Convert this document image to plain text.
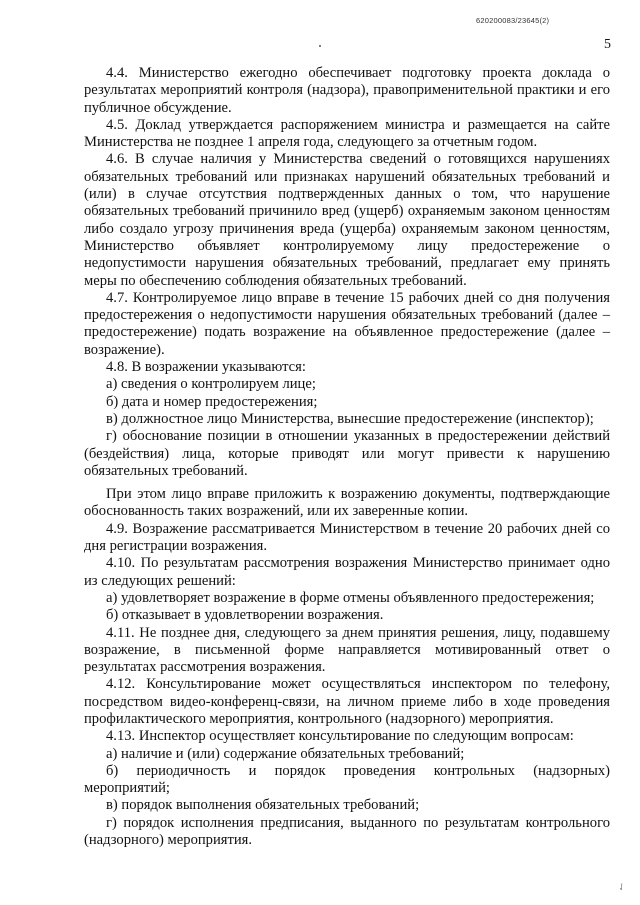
620200083/23645(2)
5

4.4. Министерство ежегодно обеспечивает подготовку проекта доклада о результатах мероприятий контроля (надзора), правоприменительной практики и его публичное обсуждение.

4.5. Доклад утверждается распоряжением министра и размещается на сайте Министерства не позднее 1 апреля года, следующего за отчетным годом.

4.6. В случае наличия у Министерства сведений о готовящихся нарушениях обязательных требований или признаках нарушений обязательных требований и (или) в случае отсутствия подтвержденных данных о том, что нарушение обязательных требований причинило вред (ущерб) охраняемым законом ценностям либо создало угрозу причинения вреда (ущерба) охраняемым законом ценностям, Министерство объявляет контролируемому лицу предостережение о недопустимости нарушения обязательных требований, предлагает ему принять меры по обеспечению соблюдения обязательных требований.

4.7. Контролируемое лицо вправе в течение 15 рабочих дней со дня получения предостережения о недопустимости нарушения обязательных требований (далее – предостережение) подать возражение на объявленное предостережение (далее – возражение).

4.8. В возражении указываются:

а) сведения о контролируем лице;

б) дата и номер предостережения;

в) должностное лицо Министерства, вынесшие предостережение (инспектор);

г) обоснование позиции в отношении указанных в предостережении действий (бездействия) лица, которые приводят или могут привести к нарушению обязательных требований.

При этом лицо вправе приложить к возражению документы, подтверждающие обоснованность таких возражений, или их заверенные копии.

4.9. Возражение рассматривается Министерством в течение 20 рабочих дней со дня регистрации возражения.

4.10. По результатам рассмотрения возражения Министерство принимает одно из следующих решений:

а) удовлетворяет возражение в форме отмены объявленного предостережения;

б) отказывает в удовлетворении возражения.

4.11. Не позднее дня, следующего за днем принятия решения, лицу, подавшему возражение, в письменной форме направляется мотивированный ответ о результатах рассмотрения возражения.

4.12. Консультирование может осуществляться инспектором по телефону, посредством видео-конференц-связи, на личном приеме либо в ходе проведения профилактического мероприятия, контрольного (надзорного) мероприятия.

4.13. Инспектор осуществляет консультирование по следующим вопросам:

а) наличие и (или) содержание обязательных требований;

б) периодичность и порядок проведения контрольных (надзорных) мероприятий;

в) порядок выполнения обязательных требований;

г) порядок исполнения предписания, выданного по результатам контрольного (надзорного) мероприятия.

✓
